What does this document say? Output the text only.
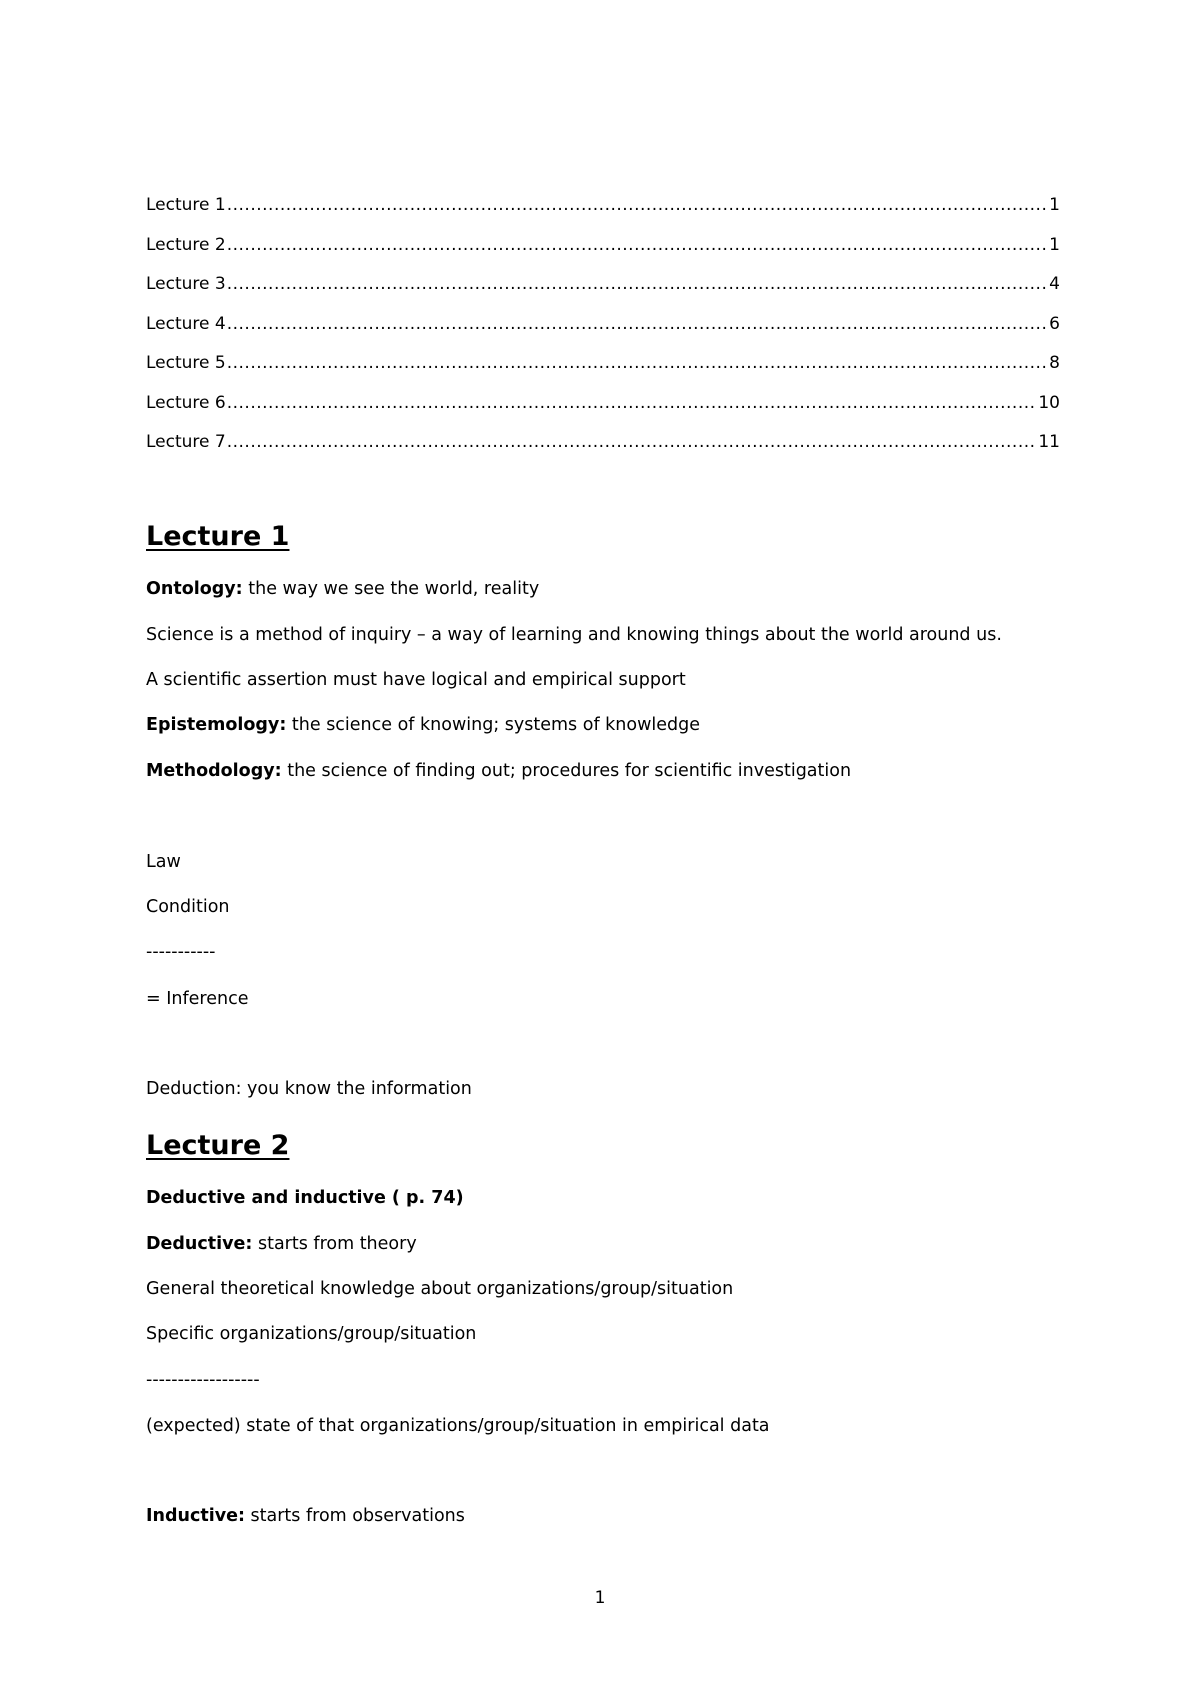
Lecture 1 .....	1
Lecture 2 .....	1
Lecture 3 .....	4
Lecture 4 .....	6
Lecture 5 .....	8
Lecture 6 .....	10
Lecture 7 .....	11
Lecture 1
Ontology: the way we see the world, reality
Science is a method of inquiry – a way of learning and knowing things about the world around us.
A scientific assertion must have logical and empirical support
Epistemology: the science of knowing; systems of knowledge
Methodology: the science of finding out; procedures for scientific investigation
Law
Condition
-----------
= Inference
Deduction: you know the information
Lecture 2
Deductive and inductive ( p. 74)
Deductive: starts from theory
General theoretical knowledge about organizations/group/situation
Specific organizations/group/situation
------------------
(expected) state of that organizations/group/situation in empirical data
Inductive: starts from observations
1
